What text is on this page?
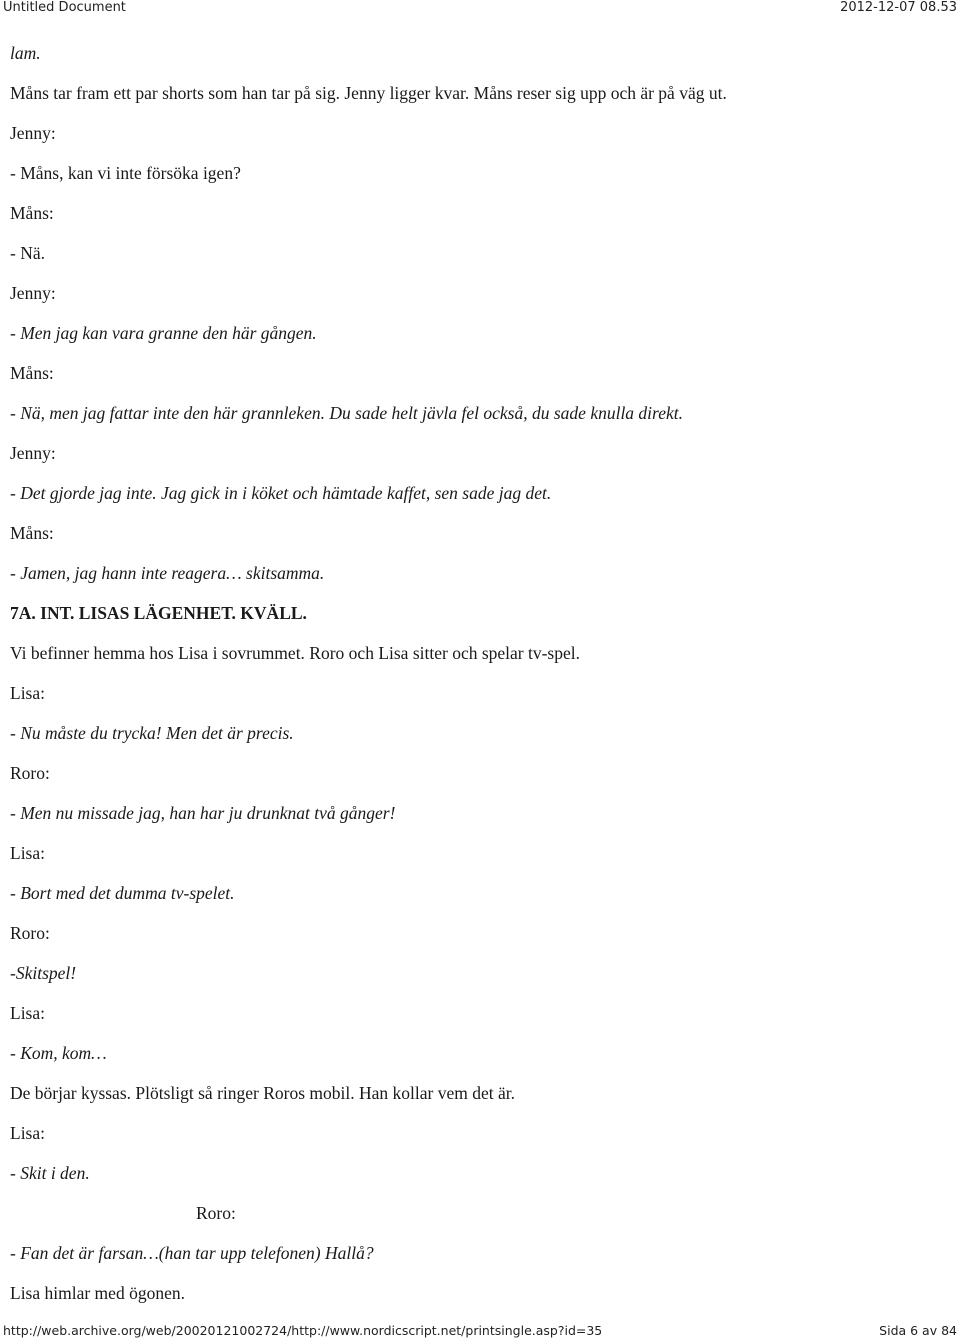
Untitled Document	2012-12-07 08.53
lam.
Måns tar fram ett par shorts som han tar på sig. Jenny ligger kvar. Måns reser sig upp och är på väg ut.
Jenny:
- Måns, kan vi inte försöka igen?
Måns:
- Nä.
Jenny:
- Men jag kan vara granne den här gången.
Måns:
- Nä, men jag fattar inte den här grannleken. Du sade helt jävla fel också, du sade knulla direkt.
Jenny:
- Det gjorde jag inte. Jag gick in i köket och hämtade kaffet, sen sade jag det.
Måns:
- Jamen, jag hann inte reagera… skitsamma.
7A. INT. LISAS LÄGENHET. KVÄLL.
Vi befinner hemma hos Lisa i sovrummet. Roro och Lisa sitter och spelar tv-spel.
Lisa:
- Nu måste du trycka! Men det är precis.
Roro:
- Men nu missade jag, han har ju drunknat två gånger!
Lisa:
- Bort med det dumma tv-spelet.
Roro:
-Skitspel!
Lisa:
- Kom, kom…
De börjar kyssas. Plötsligt så ringer Roros mobil. Han kollar vem det är.
Lisa:
- Skit i den.
Roro:
- Fan det är farsan…(han tar upp telefonen) Hallå?
Lisa himlar med ögonen.
http://web.archive.org/web/20020121002724/http://www.nordicscript.net/printsingle.asp?id=35	Sida 6 av 84
